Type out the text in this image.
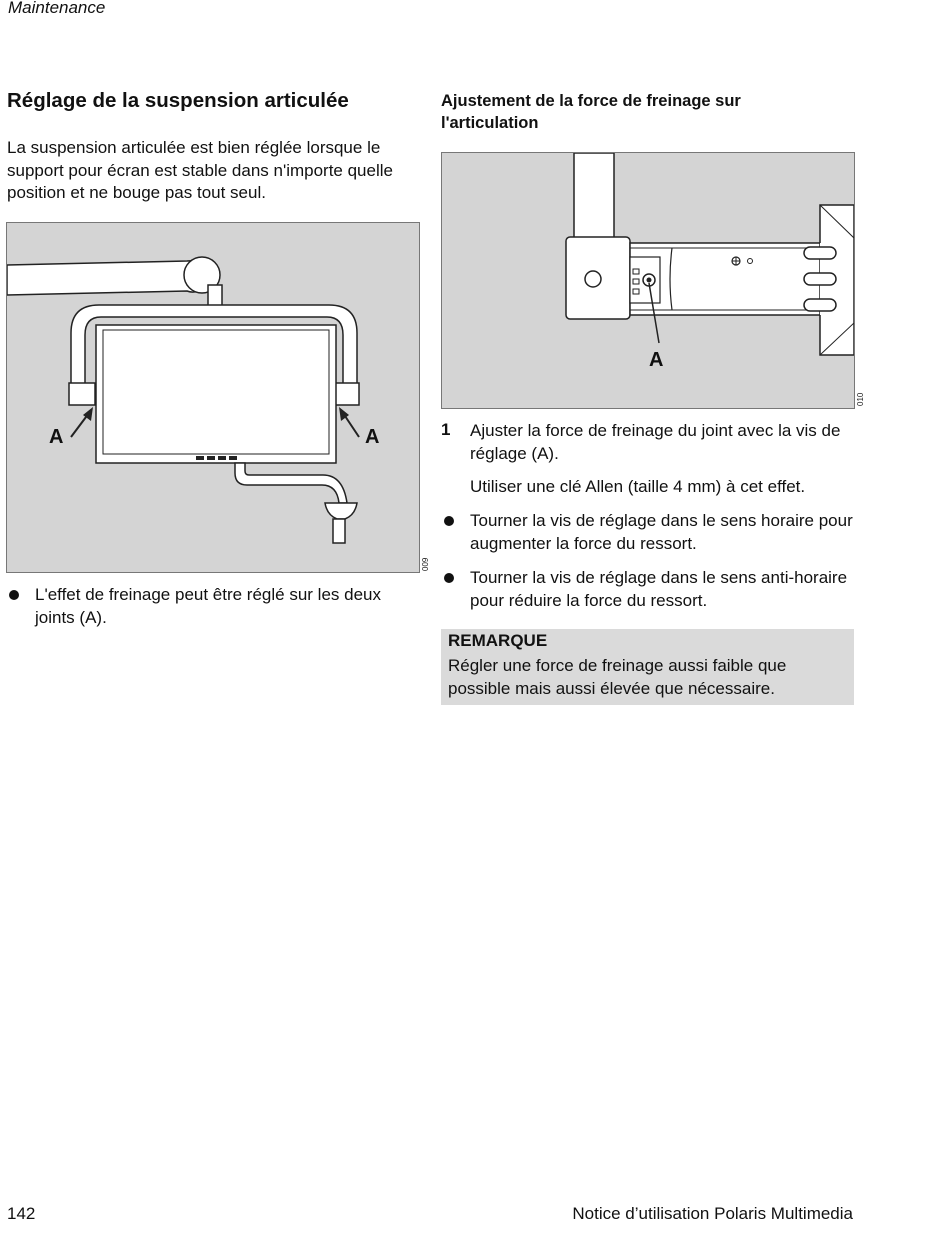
Maintenance
Réglage de la suspension articulée
La suspension articulée est bien réglée lorsque le support pour écran est stable dans n'importe quelle position et ne bouge pas tout seul.
A	A
009
L'effet de freinage peut être réglé sur les deux joints (A).
Ajustement de la force de freinage sur l'articulation
A
010
1 Ajuster la force de freinage du joint avec la vis de réglage (A).
Utiliser une clé Allen (taille 4 mm) à cet effet.
Tourner la vis de réglage dans le sens horaire pour augmenter la force du ressort.
Tourner la vis de réglage dans le sens anti-horaire pour réduire la force du ressort.
REMARQUE
Régler une force de freinage aussi faible que possible mais aussi élevée que nécessaire.
142	Notice d’utilisation Polaris Multimedia
